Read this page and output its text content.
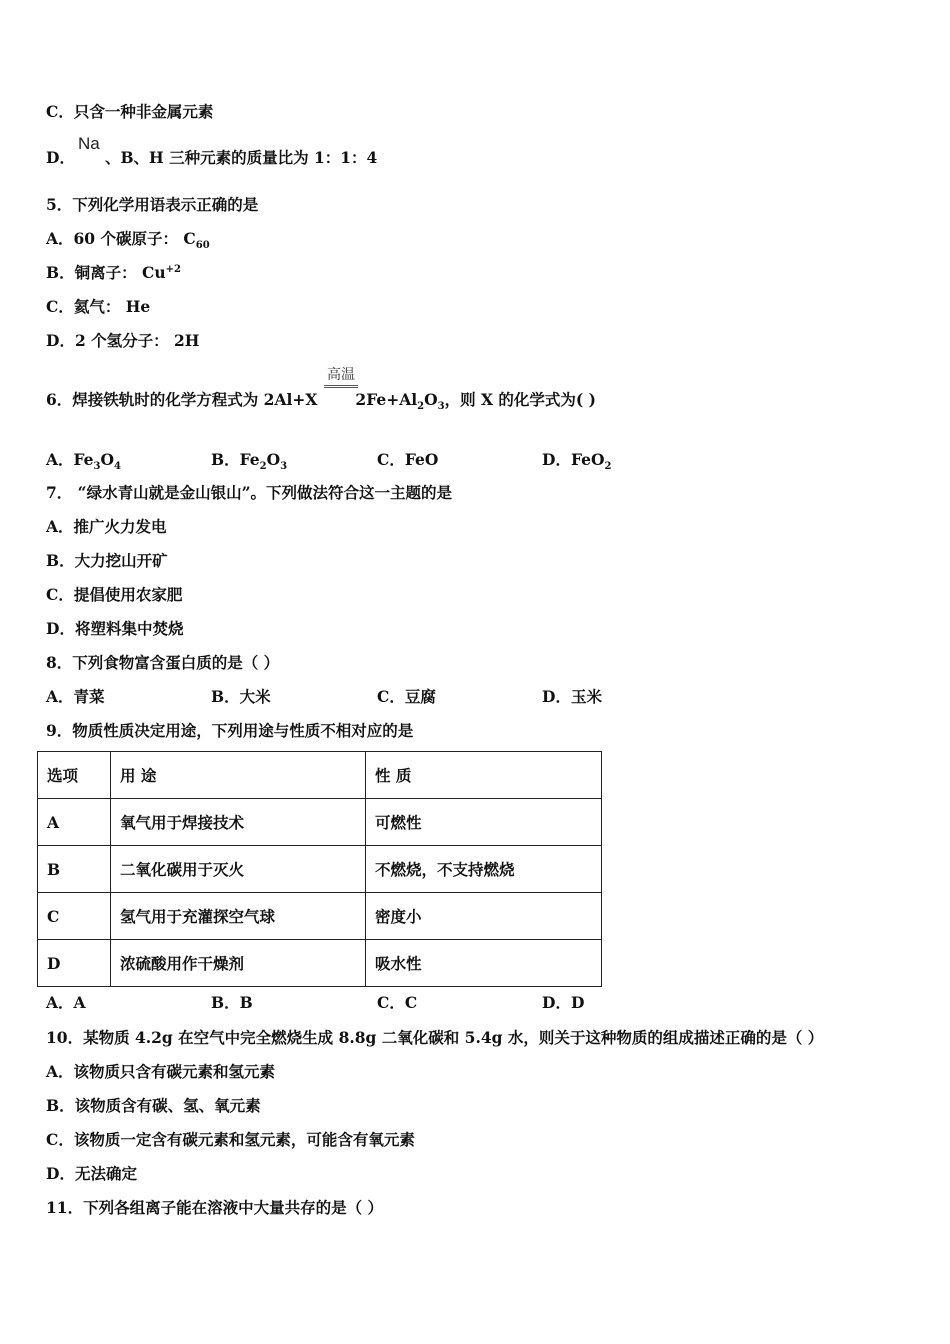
C．只含一种非金属元素
D． 、B、H 三种元素的质量比为 1：1：4
Na
5．下列化学用语表示正确的是
A．60 个碳原子： $C_{60}$
B．铜离子： $Cu^{+2}$
C．氦气： He
D．2 个氢分子： 2H
高温
6．焊接铁轨时的化学方程式为 2Al+X $2Fe+Al_2O_3$，则 X 的化学式为( )
A．$Fe_3O_4$	B．$Fe_2O_3$	C．FeO	D．FeO$_2$
7． “绿水青山就是金山银山”。下列做法符合这一主题的是
A．推广火力发电
B．大力挖山开矿
C．提倡使用农家肥
D．将塑料集中焚烧
8．下列食物富含蛋白质的是（ ）
A．青菜	B．大米	C．豆腐	D．玉米
9．物质性质决定用途，下列用途与性质不相对应的是
选项	用 途	性 质
A	氧气用于焊接技术	可燃性
B	二氧化碳用于灭火	不燃烧，不支持燃烧
C	氢气用于充灌探空气球	密度小
D	浓硫酸用作干燥剂	吸水性
A．A	B．B	C．C	D．D
10．某物质 4.2g 在空气中完全燃烧生成 8.8g 二氧化碳和 5.4g 水，则关于这种物质的组成描述正确的是（ ）
A．该物质只含有碳元素和氢元素
B．该物质含有碳、氢、氧元素
C．该物质一定含有碳元素和氢元素，可能含有氧元素
D．无法确定
11．下列各组离子能在溶液中大量共存的是（ ）
